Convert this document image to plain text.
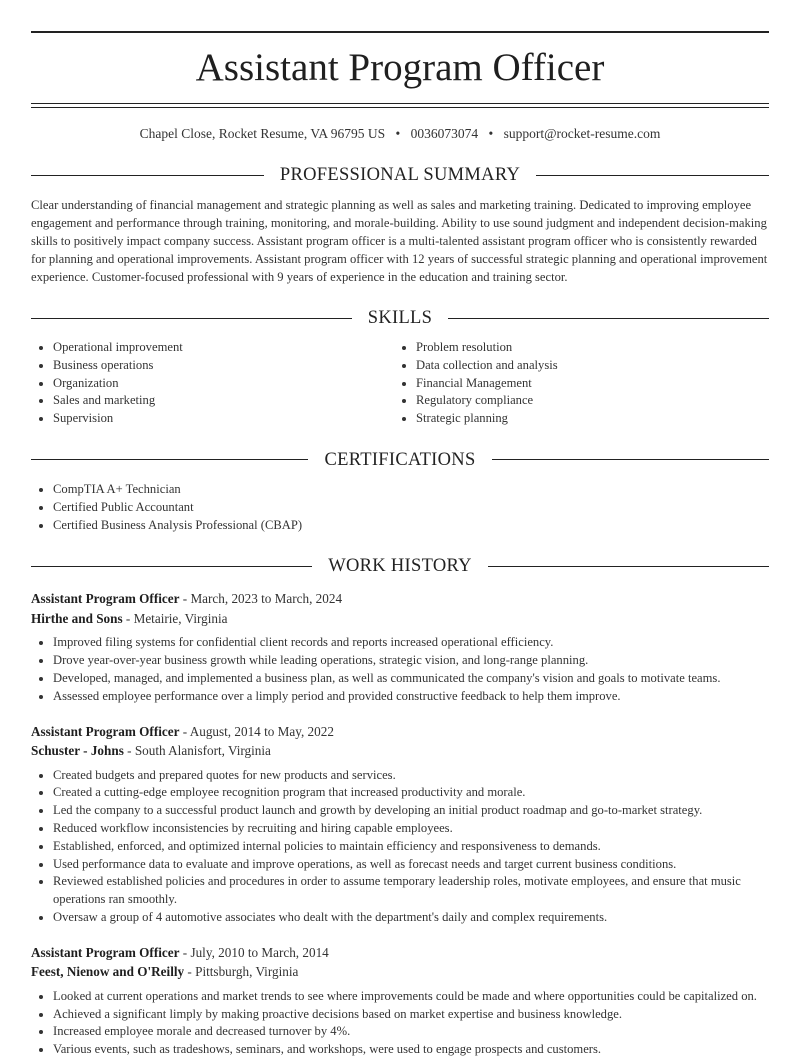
Assistant Program Officer
Chapel Close, Rocket Resume, VA 96795 US • 0036073074 • support@rocket-resume.com
PROFESSIONAL SUMMARY

Clear understanding of financial management and strategic planning as well as sales and marketing training. Dedicated to improving employee engagement and performance through training, monitoring, and morale-building. Ability to use sound judgment and independent decision-making skills to positively impact company success. Assistant program officer is a multi-talented assistant program officer who is consistently rewarded for planning and operational improvements. Assistant program officer with 12 years of successful strategic planning and operational improvement experience. Customer-focused professional with 9 years of experience in the education and training sector.

SKILLS
• Operational improvement
• Business operations
• Organization
• Sales and marketing
• Supervision
• Problem resolution
• Data collection and analysis
• Financial Management
• Regulatory compliance
• Strategic planning
CERTIFICATIONS
• CompTIA A+ Technician
• Certified Public Accountant
• Certified Business Analysis Professional (CBAP)
WORK HISTORY
Assistant Program Officer - March, 2023 to March, 2024
Hirthe and Sons - Metairie, Virginia
• Improved filing systems for confidential client records and reports increased operational efficiency.
• Drove year-over-year business growth while leading operations, strategic vision, and long-range planning.
• Developed, managed, and implemented a business plan, as well as communicated the company's vision and goals to motivate teams.
• Assessed employee performance over a limply period and provided constructive feedback to help them improve.
Assistant Program Officer - August, 2014 to May, 2022
Schuster - Johns - South Alanisfort, Virginia
• Created budgets and prepared quotes for new products and services.
• Created a cutting-edge employee recognition program that increased productivity and morale.
• Led the company to a successful product launch and growth by developing an initial product roadmap and go-to-market strategy.
• Reduced workflow inconsistencies by recruiting and hiring capable employees.
• Established, enforced, and optimized internal policies to maintain efficiency and responsiveness to demands.
• Used performance data to evaluate and improve operations, as well as forecast needs and target current business conditions.
• Reviewed established policies and procedures in order to assume temporary leadership roles, motivate employees, and ensure that music operations ran smoothly.
• Oversaw a group of 4 automotive associates who dealt with the department's daily and complex requirements.
Assistant Program Officer - July, 2010 to March, 2014
Feest, Nienow and O'Reilly - Pittsburgh, Virginia
• Looked at current operations and market trends to see where improvements could be made and where opportunities could be capitalized on.
• Achieved a significant limply by making proactive decisions based on market expertise and business knowledge.
• Increased employee morale and decreased turnover by 4%.
• Various events, such as tradeshows, seminars, and workshops, were used to engage prospects and customers.
